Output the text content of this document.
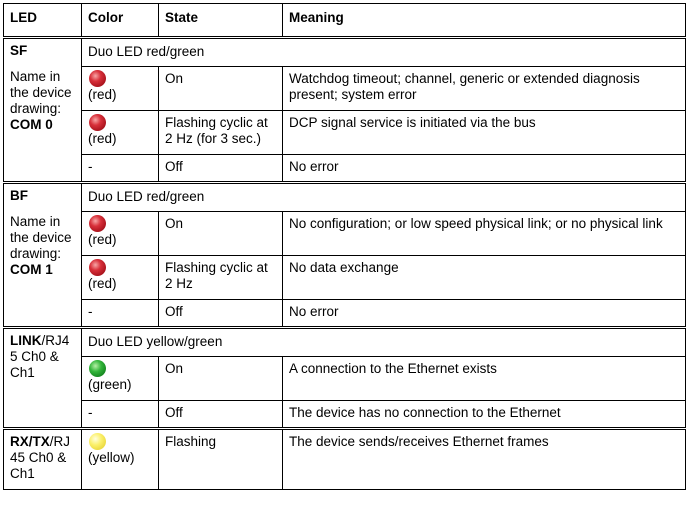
LED	Color	State	Meaning

SF
Name in
the device
drawing:
COM 0	Duo LED red/green		

	(red)	On	Watchdog timeout; channel, generic or extended diagnosis present; system error

	(red)	Flashing cyclic at 2 Hz (for 3 sec.)	DCP signal service is initiated via the bus
	-	Off	No error

BF
Name in
the device
drawing:
COM 1	Duo LED red/green		

	(red)	On	No configuration; or low speed physical link; or no physical link

	(red)	Flashing cyclic at 2 Hz	No data exchange
	-	Off	No error

LINK/RJ4
5 Ch0 &
Ch1	Duo LED yellow/green		

	(green)	On	A connection to the Ethernet exists
	-	Off	The device has no connection to the Ethernet

RX/TX/RJ
45 Ch0 &
Ch1	(yellow)	Flashing	The device sends/receives Ethernet frames
